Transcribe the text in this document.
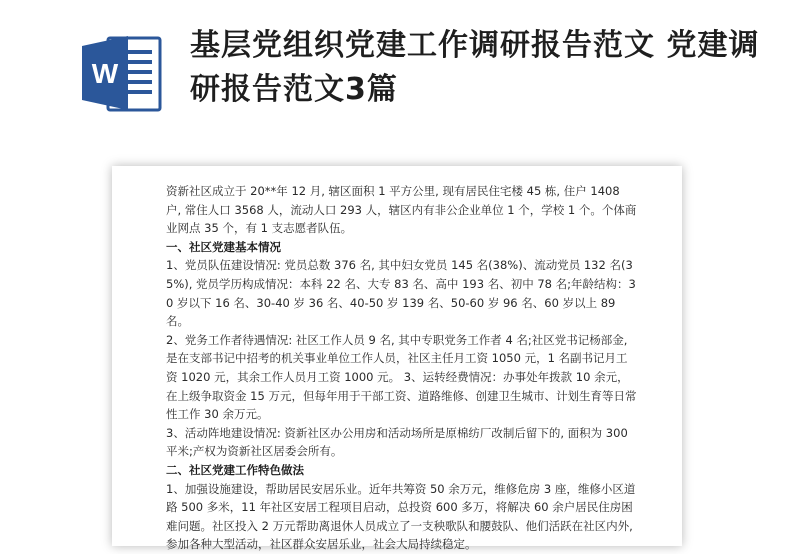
W
基层党组织党建工作调研报告范文 党建调研报告范文3篇

资新社区成立于 20**年 12 月, 辖区面积 1 平方公里, 现有居民住宅楼 45 栋, 住户 1408 户, 常住人口 3568 人，流动人口 293 人，辖区内有非公企业单位 1 个，学校 1 个。个体商业网点 35 个，有 1 支志愿者队伍。

一、社区党建基本情况

1、党员队伍建设情况: 党员总数 376 名, 其中妇女党员 145 名(38%)、流动党员 132 名(35%), 党员学历构成情况：本科 22 名、大专 83 名、高中 193 名、初中 78 名;年龄结构：30 岁以下 16 名、30-40 岁 36 名、40-50 岁 139 名、50-60 岁 96 名、60 岁以上 89 名。

2、党务工作者待遇情况: 社区工作人员 9 名, 其中专职党务工作者 4 名;社区党书记杨部金, 是在支部书记中招考的机关事业单位工作人员，社区主任月工资 1050 元，1 名副书记月工资 1020 元，其余工作人员月工资 1000 元。 3、运转经费情况：办事处年拨款 10 余元，在上级争取资金 15 万元，但每年用于干部工资、道路维修、创建卫生城市、计划生育等日常性工作 30 余万元。

3、活动阵地建设情况: 资新社区办公用房和活动场所是原棉纺厂改制后留下的, 面积为 300 平米;产权为资新社区居委会所有。

二、社区党建工作特色做法

1、加强设施建设，帮助居民安居乐业。近年共筹资 50 余万元，维修危房 3 座，维修小区道路 500 多米，11 年社区安居工程项目启动，总投资 600 多万，将解决 60 余户居民住房困难问题。社区投入 2 万元帮助离退休人员成立了一支秧歌队和腰鼓队、他们活跃在社区内外, 参加各种大型活动，社区群众安居乐业，社会大局持续稳定。
